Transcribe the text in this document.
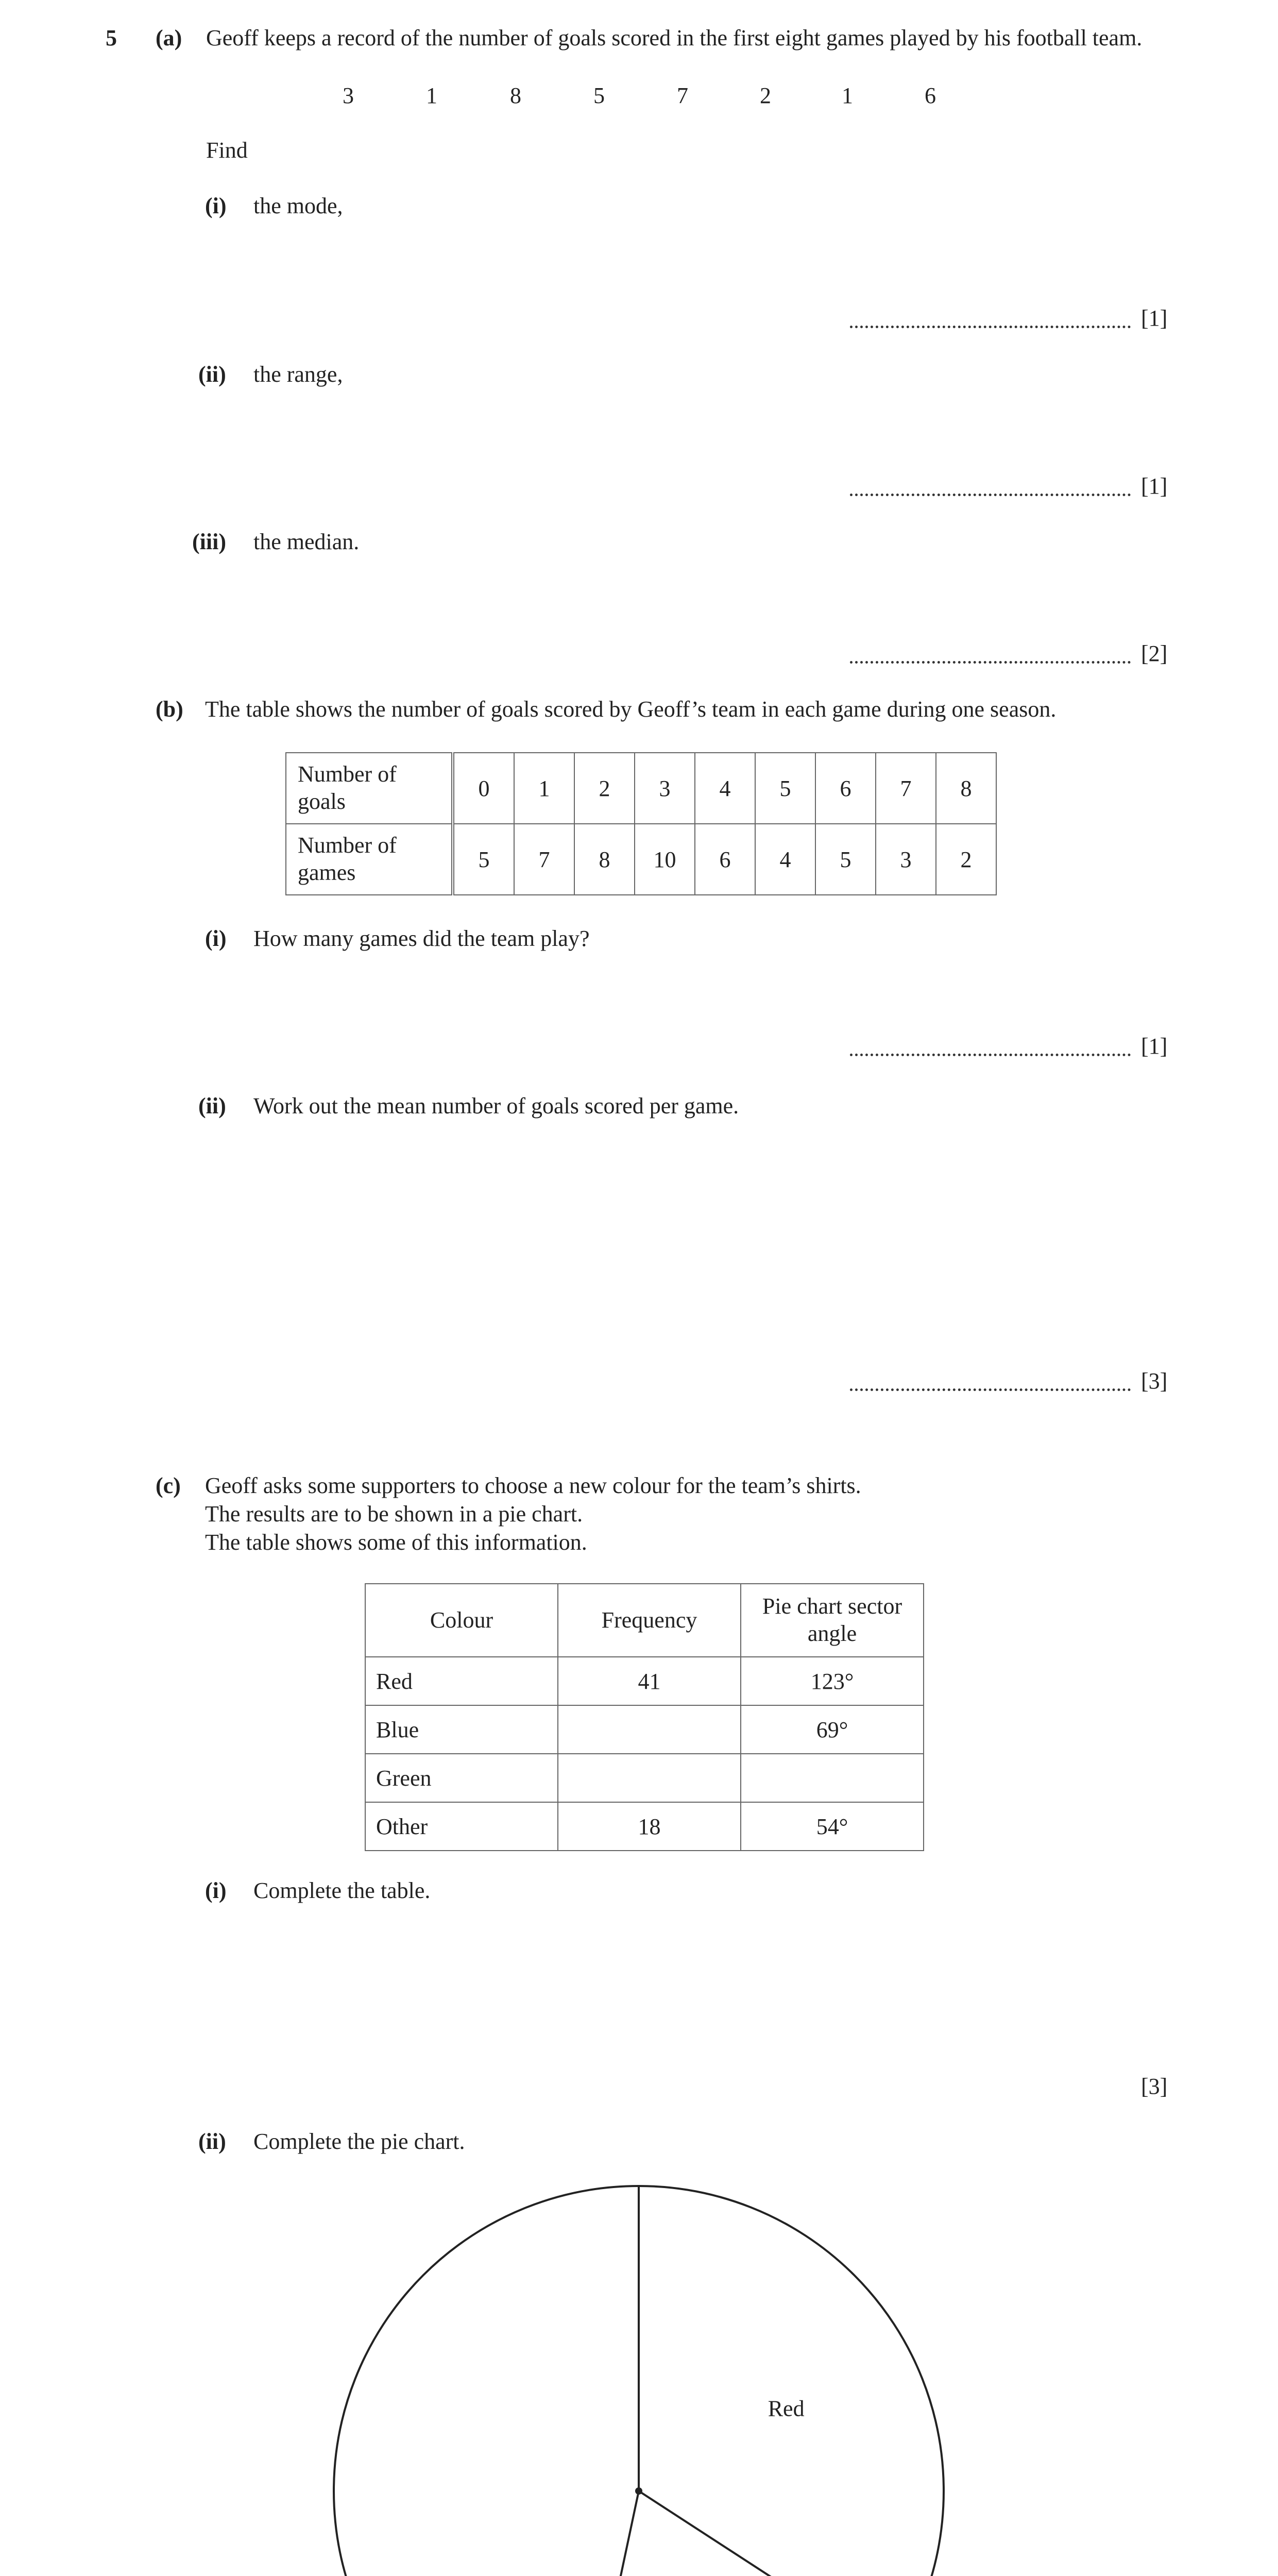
5 (a) Geoff keeps a record of the number of goals scored in the first eight games played by his football team.
3	1	8	5	7	2	1	6
Find
(i) the mode,
[1]
(ii) the range,
[1]
(iii) the median.
[2]
(b) The table shows the number of goals scored by Geoff’s team in each game during one season.
Number of
goals	0	1	2	3	4	5	6	7	8
Number of
games	5	7	8	10	6	4	5	3	2
(i) How many games did the team play?
[1]
(ii) Work out the mean number of goals scored per game.
[3]
(c) Geoff asks some supporters to choose a new colour for the team’s shirts.
The results are to be shown in a pie chart.
The table shows some of this information.
Colour	Frequency	Pie chart sector
angle
Red	41	123°
Blue		69°
Green		
Other	18	54°
(i) Complete the table.
[3]
(ii) Complete the pie chart.
Red
